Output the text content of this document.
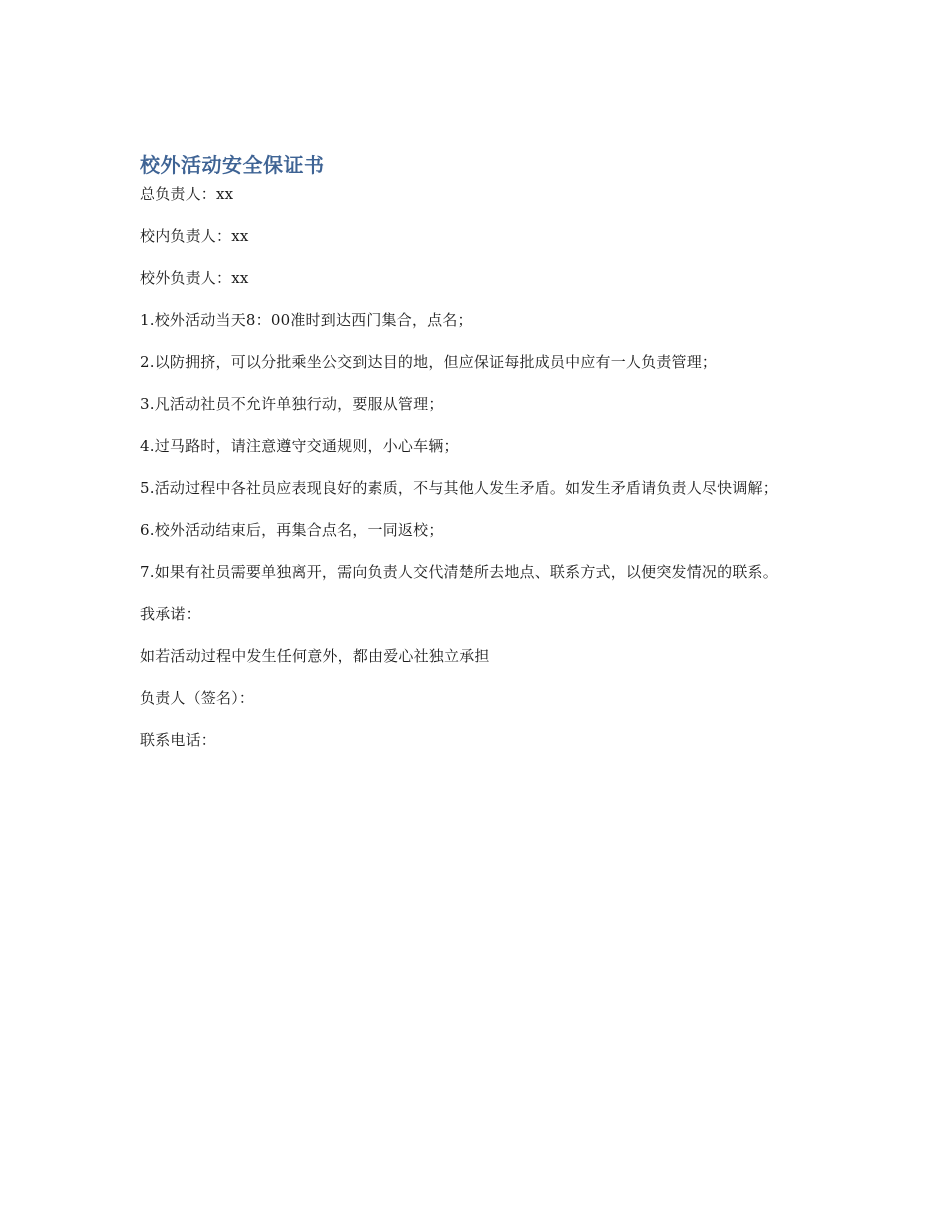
校外活动安全保证书

总负责人：xx

校内负责人：xx

校外负责人：xx

1.校外活动当天8：00准时到达西门集合，点名；

2.以防拥挤，可以分批乘坐公交到达目的地，但应保证每批成员中应有一人负责管理；

3.凡活动社员不允许单独行动，要服从管理；

4.过马路时，请注意遵守交通规则，小心车辆；

5.活动过程中各社员应表现良好的素质，不与其他人发生矛盾。如发生矛盾请负责人尽快调解；

6.校外活动结束后，再集合点名，一同返校；

7.如果有社员需要单独离开，需向负责人交代清楚所去地点、联系方式，以便突发情况的联系。

我承诺：

如若活动过程中发生任何意外，都由爱心社独立承担

负责人（签名）：

联系电话：
